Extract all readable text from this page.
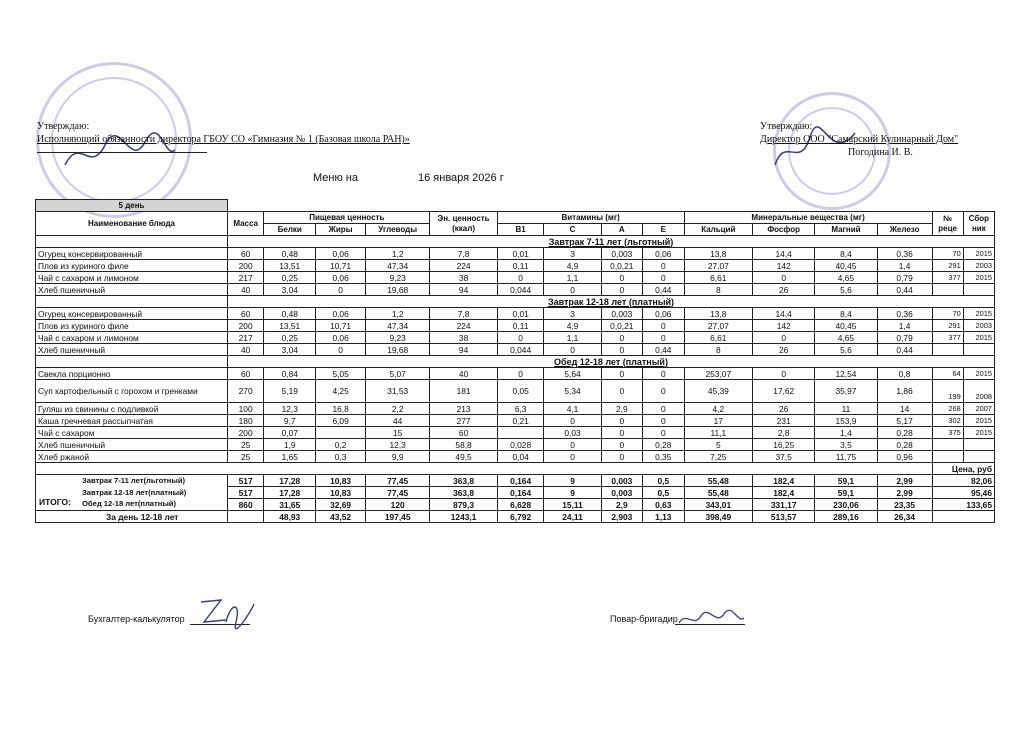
Утверждаю:
Исполняющий обязанности директора ГБОУ СО «Гимназия № 1 (Базовая школа РАН)»
Утверждаю:
Директор ООО "Самарский Кулинарный Дом"
Погодина И. В.
Меню на	16 января 2026 г
5 день															
Наименование блюда	Масса	Пищевая ценность			Эн. ценность (ккал)	Витамины (мг)				Минеральные вещества (мг)				№ реце	Сбор ник
		Белки	Жиры	Углеводы		В1	С	А	Е	Кальций	Фосфор	Магний	Железо		
	Завтрак 7-11 лет (льготный)														
Огурец консервированный	60	0,48	0,06	1,2	7,8	0,01	3	0,003	0,06	13,8	14,4	8,4	0,36	70	2015
Плов из куриного филе	200	13,51	10,71	47,34	224	0,11	4,9	0,0,21	0	27,07	142	40,45	1,4	291	2003
Чай с сахаром и лимоном	217	0,25	0,06	9,23	38	0	1,1	0	0	6,61	0	4,65	0,79	377	2015
Хлеб пшеничный	40	3,04	0	19,68	94	0,044	0	0	0,44	8	26	5,6	0,44		
	Завтрак 12-18 лет (платный)														
Огурец консервированный	60	0,48	0,06	1,2	7,8	0,01	3	0,003	0,06	13,8	14,4	8,4	0,36	70	2015
Плов из куриного филе	200	13,51	10,71	47,34	224	0,11	4,9	0,0,21	0	27,07	142	40,45	1,4	291	2003
Чай с сахаром и лимоном	217	0,25	0,06	9,23	38	0	1,1	0	0	6,61	0	4,65	0,79	377	2015
Хлеб пшеничный	40	3,04	0	19,68	94	0,044	0	0	0,44	8	26	5,6	0,44		
	Обед 12-18 лет (платный)														
Свекла порционно	60	0,84	5,05	5,07	40	0	5,64	0	0	253,07	0	12,54	0,8	64	2015
Суп картофельный с горохом и гренками	270	5,19	4,25	31,53	181	0,05	5,34	0	0	45,39	17,62	35,97	1,86	199	2008
Гуляш из свинины с подливкой	100	12,3	16,8	2,2	213	6,3	4,1	2,9	0	4,2	26	11	14	268	2007
Каша гречневая рассыпчатая	180	9,7	6,09	44	277	0,21	0	0	0	17	231	153,9	5,17	302	2015
Чай с сахаром	200	0,07		15	60		0,03	0	0	11,1	2,8	1,4	0,28	375	2015
Хлеб пшеничный	25	1,9	0,2	12,3	58,8	0,028	0	0	0,28	5	16,25	3,5	0,28		
Хлеб ржаной	25	1,65	0,3	9,9	49,5	0,04	0	0	0,35	7,25	37,5	11,75	0,96		
														Цена, руб	

ИТОГО:
Завтрак 7-11 лет(льготный)	517	17,28	10,83	77,45	363,8	0,164	9	0,003	0,5	55,48	182,4	59,1	2,99	82,06	

Завтрак 12-18 лет(платный)	517	17,28	10,83	77,45	363,8	0,164	9	0,003	0,5	55,48	182,4	59,1	2,99	95,46	

Обед 12-18 лет(платный)	860	31,65	32,69	120	879,3	6,628	15,11	2,9	0,63	343,01	331,17	230,06	23,35	133,65	
За день 12-18 лет		48,93	43,52	197,45	1243,1	6,792	24,11	2,903	1,13	398,49	513,57	289,16	26,34		
Бухгалтер-калькулятор	Повар-бригадир
